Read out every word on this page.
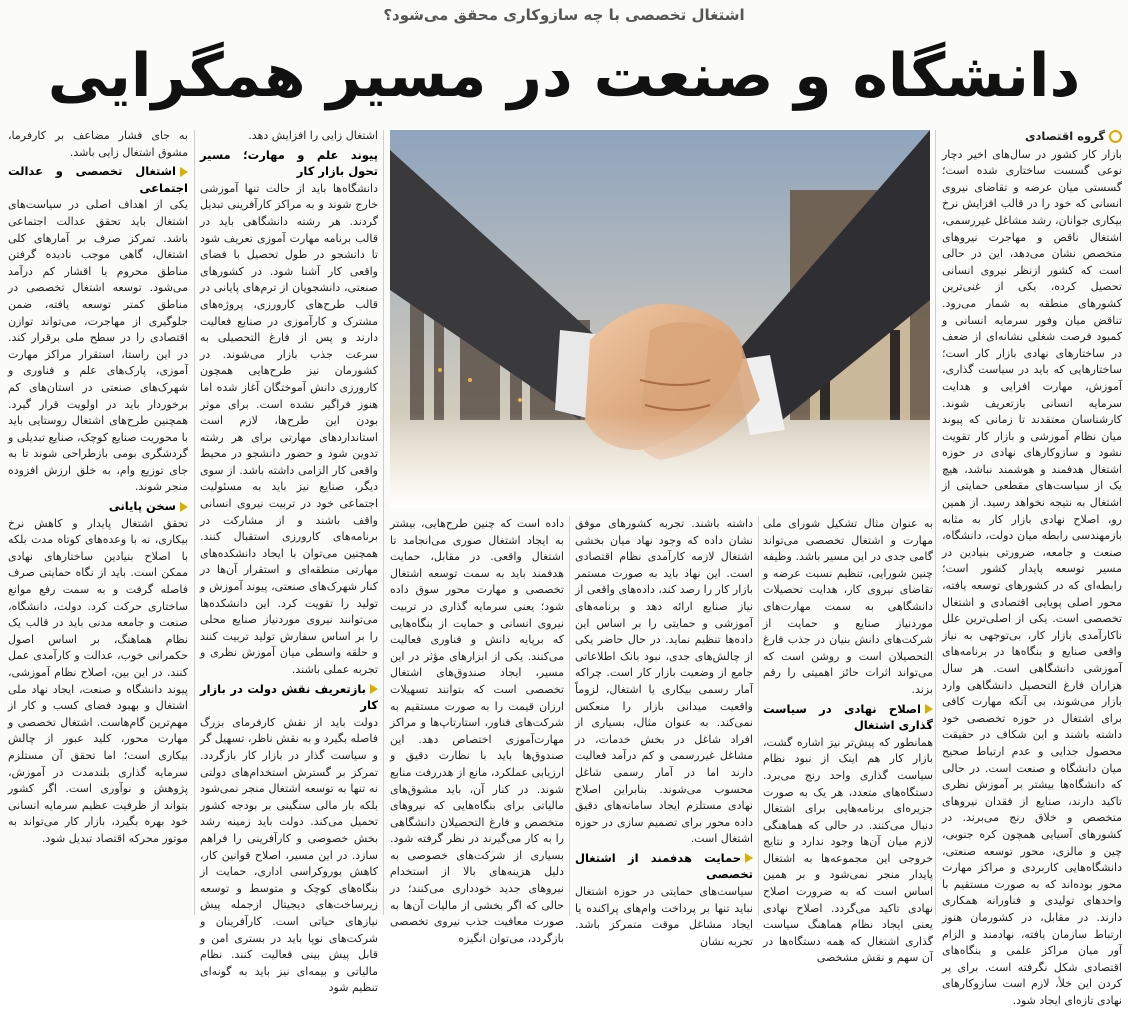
اشتغال تخصصی با چه سازوکاری محقق می‌شود؟
دانشگاه و صنعت در مسیر همگرایی
گروه اقتصادی

بازار کار کشور در سال‌های اخیر دچار نوعی گسست ساختاری شده است؛ گسستی میان عرضه و تقاضای نیروی انسانی که خود را در قالب افزایش نرخ بیکاری جوانان، رشد مشاغل غیررسمی، اشتغال ناقص و مهاجرت نیروهای متخصص نشان می‌دهد، این در حالی است که کشور ازنظر نیروی انسانی تحصیل کرده، یکی از غنی‌ترین کشورهای منطقه به شمار می‌رود. تناقض میان وفور سرمایه انسانی و کمبود فرصت شغلی نشانه‌ای از ضعف در ساختارهای نهادی بازار کار است؛ ساختارهایی که باید در سیاست گذاری، آموزش، مهارت افزایی و هدایت سرمایه انسانی بازتعریف شوند. کارشناسان معتقدند تا زمانی که پیوند میان نظام آموزشی و بازار کار تقویت نشود و سازوکارهای نهادی در حوزه اشتغال هدفمند و هوشمند نباشد، هیچ یک از سیاست‌های مقطعی حمایتی از اشتغال به نتیجه نخواهد رسید. از همین رو، اصلاح نهادی بازار کار به مثابه بازمهندسی رابطه میان دولت، دانشگاه، صنعت و جامعه، ضرورتی بنیادین در مسیر توسعه پایدار کشور است؛ رابطه‌ای که در کشورهای توسعه یافته، محور اصلی پویایی اقتصادی و اشتغال تخصصی است. یکی از اصلی‌ترین علل ناکارآمدی بازار کار، بی‌توجهی به نیاز واقعی صنایع و بنگاه‌ها در برنامه‌های آموزشی دانشگاهی است. هر سال هزاران فارغ التحصیل دانشگاهی وارد بازار می‌شوند، بی آنکه مهارت کافی برای اشتغال در حوزه تخصصی خود داشته باشند و این شکاف در حقیقت محصول جدایی و عدم ارتباط صحیح میان دانشگاه و صنعت است. در حالی که دانشگاه‌ها بیشتر بر آموزش نظری تاکید دارند، صنایع از فقدان نیروهای متخصص و خلاق رنج می‌برند. در کشورهای آسیایی همچون کره جنوبی، چین و مالزی، محور توسعه صنعتی، دانشگاه‌هایی کاربردی و مراکز مهارت محور بوده‌اند که به صورت مستقیم با واحدهای تولیدی و فناورانه همکاری دارند. در مقابل، در کشورمان هنوز ارتباط سازمان یافته، نهادمند و الزام آور میان مراکز علمی و بنگاه‌های اقتصادی شکل نگرفته است. برای پر کردن این خلأ، لازم است سازوکارهای نهادی تازه‌ای ایجاد شود.

به عنوان مثال تشکیل شورای ملی مهارت و اشتغال تخصصی می‌تواند گامی جدی در این مسیر باشد. وظیفه چنین شورایی، تنظیم نسبت عرضه و تقاضای نیروی کار، هدایت تحصیلات دانشگاهی به سمت مهارت‌های موردنیاز صنایع و حمایت از شرکت‌های دانش بنیان در جذب فارغ التحصیلان است و روشن است که می‌تواند اثرات حائز اهمیتی را رقم بزند.

اصلاح نهادی در سیاست گذاری اشتغال

همانطور که پیش‌تر نیز اشاره گشت، بازار کار هم اینک از نبود نظام سیاست گذاری واحد رنج می‌برد. دستگاه‌های متعدد، هر یک به صورت جزیره‌ای برنامه‌هایی برای اشتغال دنبال می‌کنند. در حالی که هماهنگی لازم میان آن‌ها وجود ندارد و نتایج خروجی این مجموعه‌ها به اشتغال پایدار منجر نمی‌شود و بر همین اساس است که به ضرورت اصلاح نهادی تاکید می‌گردد. اصلاح نهادی یعنی ایجاد نظام هماهنگ سیاست گذاری اشتغال که همه دستگاه‌ها در آن سهم و نقش مشخصی

داشته باشند. تجربه کشورهای موفق نشان داده که وجود نهاد میان بخشی اشتغال لازمه کارآمدی نظام اقتصادی است. این نهاد باید به صورت مستمر بازار کار را رصد کند، داده‌های واقعی از نیاز صنایع ارائه دهد و برنامه‌های آموزشی و حمایتی را بر اساس این داده‌ها تنظیم نماید. در حال حاضر یکی از چالش‌های جدی، نبود بانک اطلاعاتی جامع از وضعیت بازار کار است. چراکه آمار رسمی بیکاری یا اشتغال، لزوماً واقعیت میدانی بازار را منعکس نمی‌کند. به عنوان مثال، بسیاری از افراد شاغل در بخش خدمات، در مشاغل غیررسمی و کم درآمد فعالیت دارند اما در آمار رسمی شاغل محسوب می‌شوند. بنابراین اصلاح نهادی مستلزم ایجاد سامانه‌های دقیق داده محور برای تصمیم سازی در حوزه اشتغال است.

حمایت هدفمند از اشتغال تخصصی

سیاست‌های حمایتی در حوزه اشتغال نباید تنها بر پرداخت وام‌های پراکنده یا ایجاد مشاغل موقت متمرکز باشد. تجربه نشان

داده است که چنین طرح‌هایی، بیشتر به ایجاد اشتغال صوری می‌انجامد تا اشتغال واقعی. در مقابل، حمایت هدفمند باید به سمت توسعه اشتغال تخصصی و مهارت محور سوق داده شود؛ یعنی سرمایه گذاری در تربیت نیروی انسانی و حمایت از بنگاه‌هایی که برپایه دانش و فناوری فعالیت می‌کنند. یکی از ابزارهای مؤثر در این مسیر، ایجاد صندوق‌های اشتغال تخصصی است که بتوانند تسهیلات ارزان قیمت را به صورت مستقیم به شرکت‌های فناور، استارتاپ‌ها و مراکز مهارت‌آموزی اختصاص دهد. این صندوق‌ها باید با نظارت دقیق و ارزیابی عملکرد، مانع از هدررفت منابع شوند. در کنار آن، باید مشوق‌های مالیاتی برای بنگاه‌هایی که نیروهای متخصص و فارغ التحصیلان دانشگاهی را به کار می‌گیرند در نظر گرفته شود. بسیاری از شرکت‌های خصوصی به دلیل هزینه‌های بالا از استخدام نیروهای جدید خودداری می‌کنند؛ در حالی که اگر بخشی از مالیات آن‌ها به صورت معافیت جذب نیروی تخصصی بازگردد، می‌توان انگیزه

اشتغال زایی را افزایش دهد.

پیوند علم و مهارت؛ مسیر تحول بازار کار

دانشگاه‌ها باید از حالت تنها آموزشی خارج شوند و به مراکز کارآفرینی تبدیل گردند. هر رشته دانشگاهی باید در قالب برنامه مهارت آموزی تعریف شود تا دانشجو در طول تحصیل با فضای واقعی کار آشنا شود. در کشورهای صنعتی، دانشجویان از ترم‌های پایانی در قالب طرح‌های کارورزی، پروژه‌های مشترک و کارآموزی در صنایع فعالیت دارند و پس از فارغ التحصیلی به سرعت جذب بازار می‌شوند. در کشورمان نیز طرح‌هایی همچون کارورزی دانش آموختگان آغاز شده اما هنوز فراگیر نشده است. برای موثر بودن این طرح‌ها، لازم است استانداردهای مهارتی برای هر رشته تدوین شود و حضور دانشجو در محیط واقعی کار الزامی داشته باشد. از سوی دیگر، صنایع نیز باید به مسئولیت اجتماعی خود در تربیت نیروی انسانی واقف باشند و از مشارکت در برنامه‌های کارورزی استقبال کنند. همچنین می‌توان با ایجاد دانشکده‌های مهارتی منطقه‌ای و استقرار آن‌ها در کنار شهرک‌های صنعتی، پیوند آموزش و تولید را تقویت کرد. این دانشکده‌ها می‌توانند نیروی موردنیاز صنایع محلی را بر اساس سفارش تولید تربیت کنند و حلقه واسطی میان آموزش نظری و تجربه عملی باشند.

بازتعریف نقش دولت در بازار کار

دولت باید از نقش کارفرمای بزرگ فاصله بگیرد و به نقش ناظر، تسهیل گر و سیاست گذار در بازار کار بازگردد. تمرکز بر گسترش استخدام‌های دولتی نه تنها به توسعه اشتغال منجر نمی‌شود بلکه بار مالی سنگینی بر بودجه کشور تحمیل می‌کند. دولت باید زمینه رشد بخش خصوصی و کارآفرینی را فراهم سازد. در این مسیر، اصلاح قوانین کار، کاهش بوروکراسی اداری، حمایت از بنگاه‌های کوچک و متوسط و توسعه زیرساخت‌های دیجیتال ازجمله پیش نیازهای حیاتی است. کارآفرینان و شرکت‌های نوپا باید در بستری امن و قابل پیش بینی فعالیت کنند. نظام مالیاتی و بیمه‌ای نیز باید به گونه‌ای تنظیم شود

به جای فشار مضاعف بر کارفرما، مشوق اشتغال زایی باشد.

اشتغال تخصصی و عدالت اجتماعی

یکی از اهداف اصلی در سیاست‌های اشتغال باید تحقق عدالت اجتماعی باشد. تمرکز صرف بر آمارهای کلی اشتغال، گاهی موجب نادیده گرفتن مناطق محروم یا اقشار کم درآمد می‌شود. توسعه اشتغال تخصصی در مناطق کمتر توسعه یافته، ضمن جلوگیری از مهاجرت، می‌تواند توازن اقتصادی را در سطح ملی برقرار کند. در این راستا، استقرار مراکز مهارت آموزی، پارک‌های علم و فناوری و شهرک‌های صنعتی در استان‌های کم برخوردار باید در اولویت قرار گیرد. همچنین طرح‌های اشتغال روستایی باید با محوریت صنایع کوچک، صنایع تبدیلی و گردشگری بومی بازطراحی شوند تا به جای توزیع وام، به خلق ارزش افزوده منجر شوند.

سخن پایانی

تحقق اشتغال پایدار و کاهش نرخ بیکاری، نه با وعده‌های کوتاه مدت بلکه با اصلاح بنیادین ساختارهای نهادی ممکن است. باید از نگاه حمایتی صرف فاصله گرفت و به سمت رفع موانع ساختاری حرکت کرد. دولت، دانشگاه، صنعت و جامعه مدنی باید در قالب یک نظام هماهنگ، بر اساس اصول حکمرانی خوب، عدالت و کارآمدی عمل کنند. در این بین، اصلاح نظام آموزشی، پیوند دانشگاه و صنعت، ایجاد نهاد ملی اشتغال و بهبود فضای کسب و کار از مهم‌ترین گام‌هاست. اشتغال تخصصی و مهارت محور، کلید عبور از چالش بیکاری است؛ اما تحقق آن مستلزم سرمایه گذاری بلندمدت در آموزش، پژوهش و نوآوری است. اگر کشور بتواند از ظرفیت عظیم سرمایه انسانی خود بهره بگیرد، بازار کار می‌تواند به موتور محرکه اقتصاد تبدیل شود.
